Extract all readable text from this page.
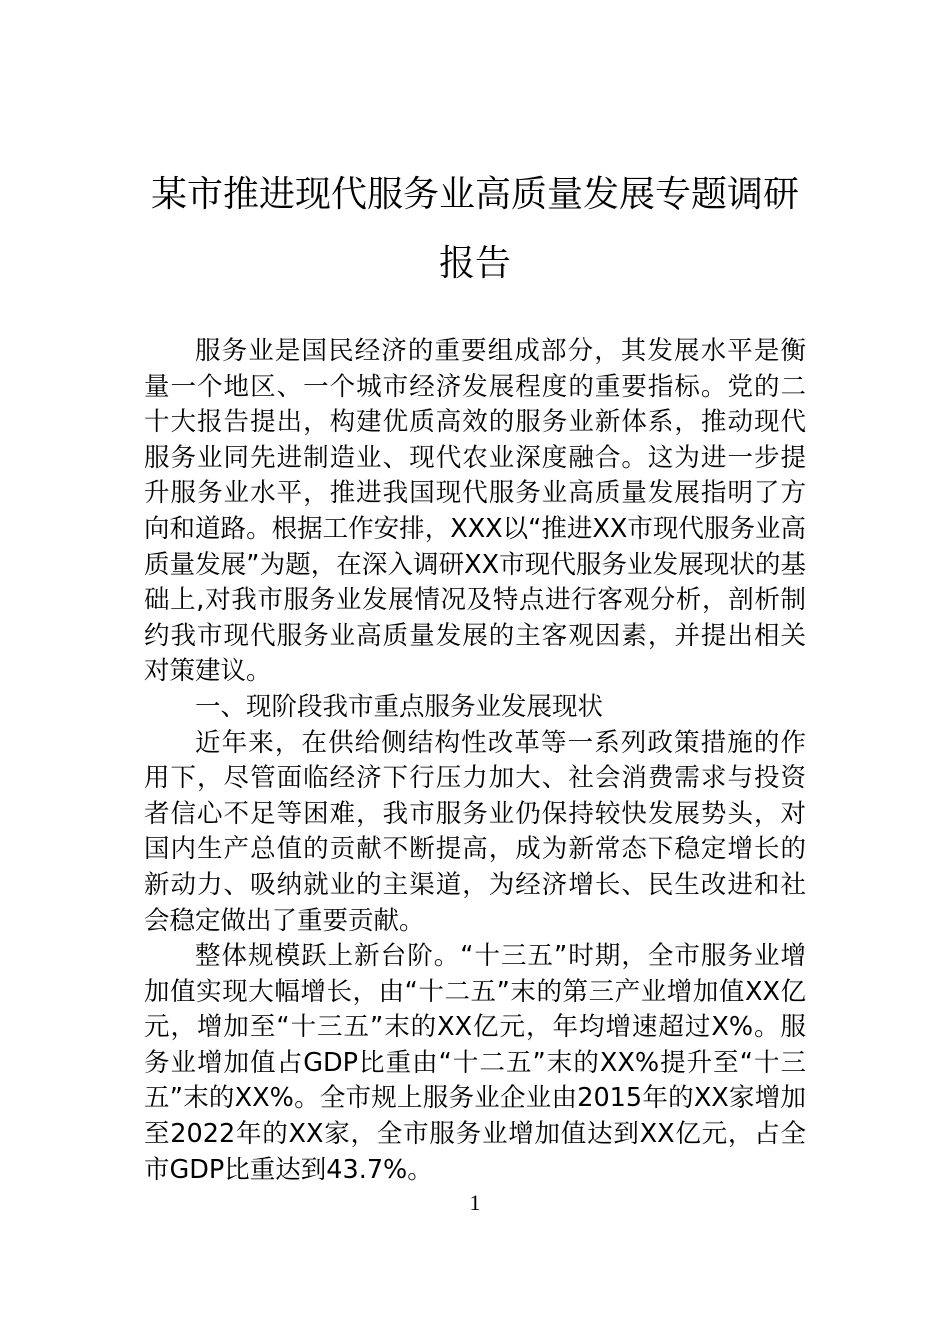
某市推进现代服务业高质量发展专题调研
报告

服务业是国民经济的重要组成部分，其发展水平是衡量一个地区、一个城市经济发展程度的重要指标。党的二十大报告提出，构建优质高效的服务业新体系，推动现代服务业同先进制造业、现代农业深度融合。这为进一步提升服务业水平，推进我国现代服务业高质量发展指明了方向和道路。根据工作安排，XXX以“推进XX市现代服务业高质量发展”为题，在深入调研XX市现代服务业发展现状的基础上,对我市服务业发展情况及特点进行客观分析，剖析制约我市现代服务业高质量发展的主客观因素，并提出相关对策建议。

一、现阶段我市重点服务业发展现状

近年来，在供给侧结构性改革等一系列政策措施的作用下，尽管面临经济下行压力加大、社会消费需求与投资者信心不足等困难，我市服务业仍保持较快发展势头，对国内生产总值的贡献不断提高，成为新常态下稳定增长的新动力、吸纳就业的主渠道，为经济增长、民生改进和社会稳定做出了重要贡献。

整体规模跃上新台阶。“十三五”时期，全市服务业增加值实现大幅增长，由“十二五”末的第三产业增加值XX亿元，增加至“十三五”末的XX亿元，年均增速超过X%。服务业增加值占GDP比重由“十二五”末的XX%提升至“十三五”末的XX%。全市规上服务业企业由2015年的XX家增加至2022年的XX家，全市服务业增加值达到XX亿元，占全市GDP比重达到43.7%。

1
